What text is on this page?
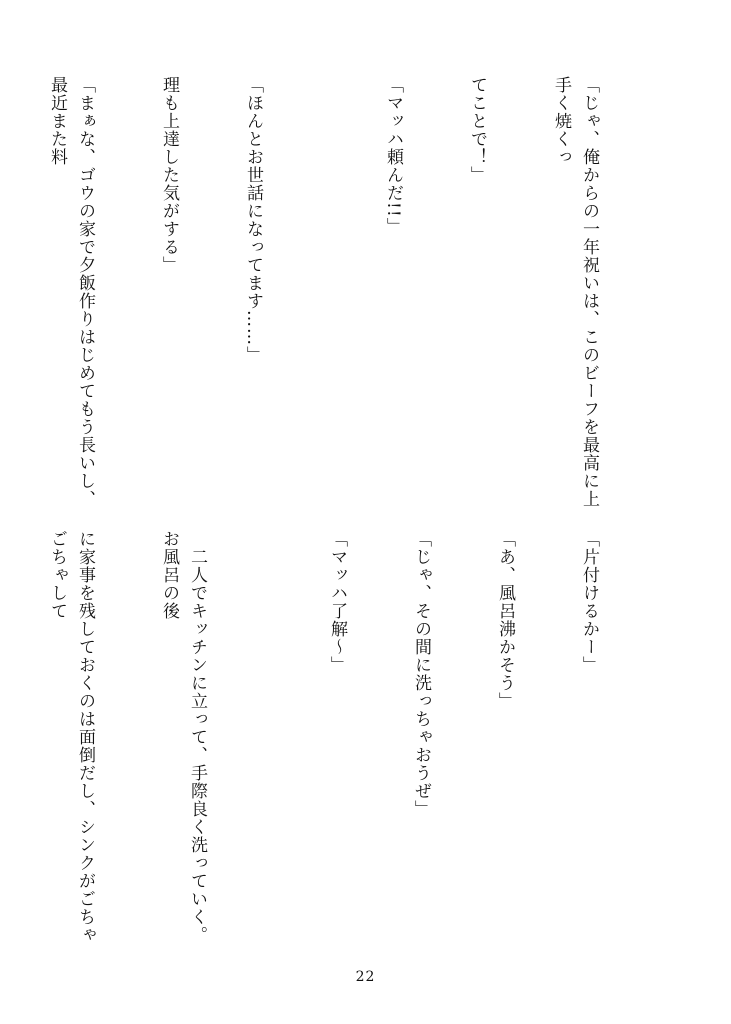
「じゃ、俺からの一年祝いは、このビーフを最高に上手く焼くっ

てことで！」

「マッハ頼んだ!!」

「ほんとお世話になってます……」

理も上達した気がする」

「まぁな、ゴウの家で夕飯作りはじめてもう長いし、最近また料

「片付けるかー」

「あ、風呂沸かそう」

「じゃ、その間に洗っちゃおうぜ」

「マッハ了解～」

　二人でキッチンに立って、手際良く洗っていく。お風呂の後

に家事を残しておくのは面倒だし、シンクがごちゃごちゃして

22
